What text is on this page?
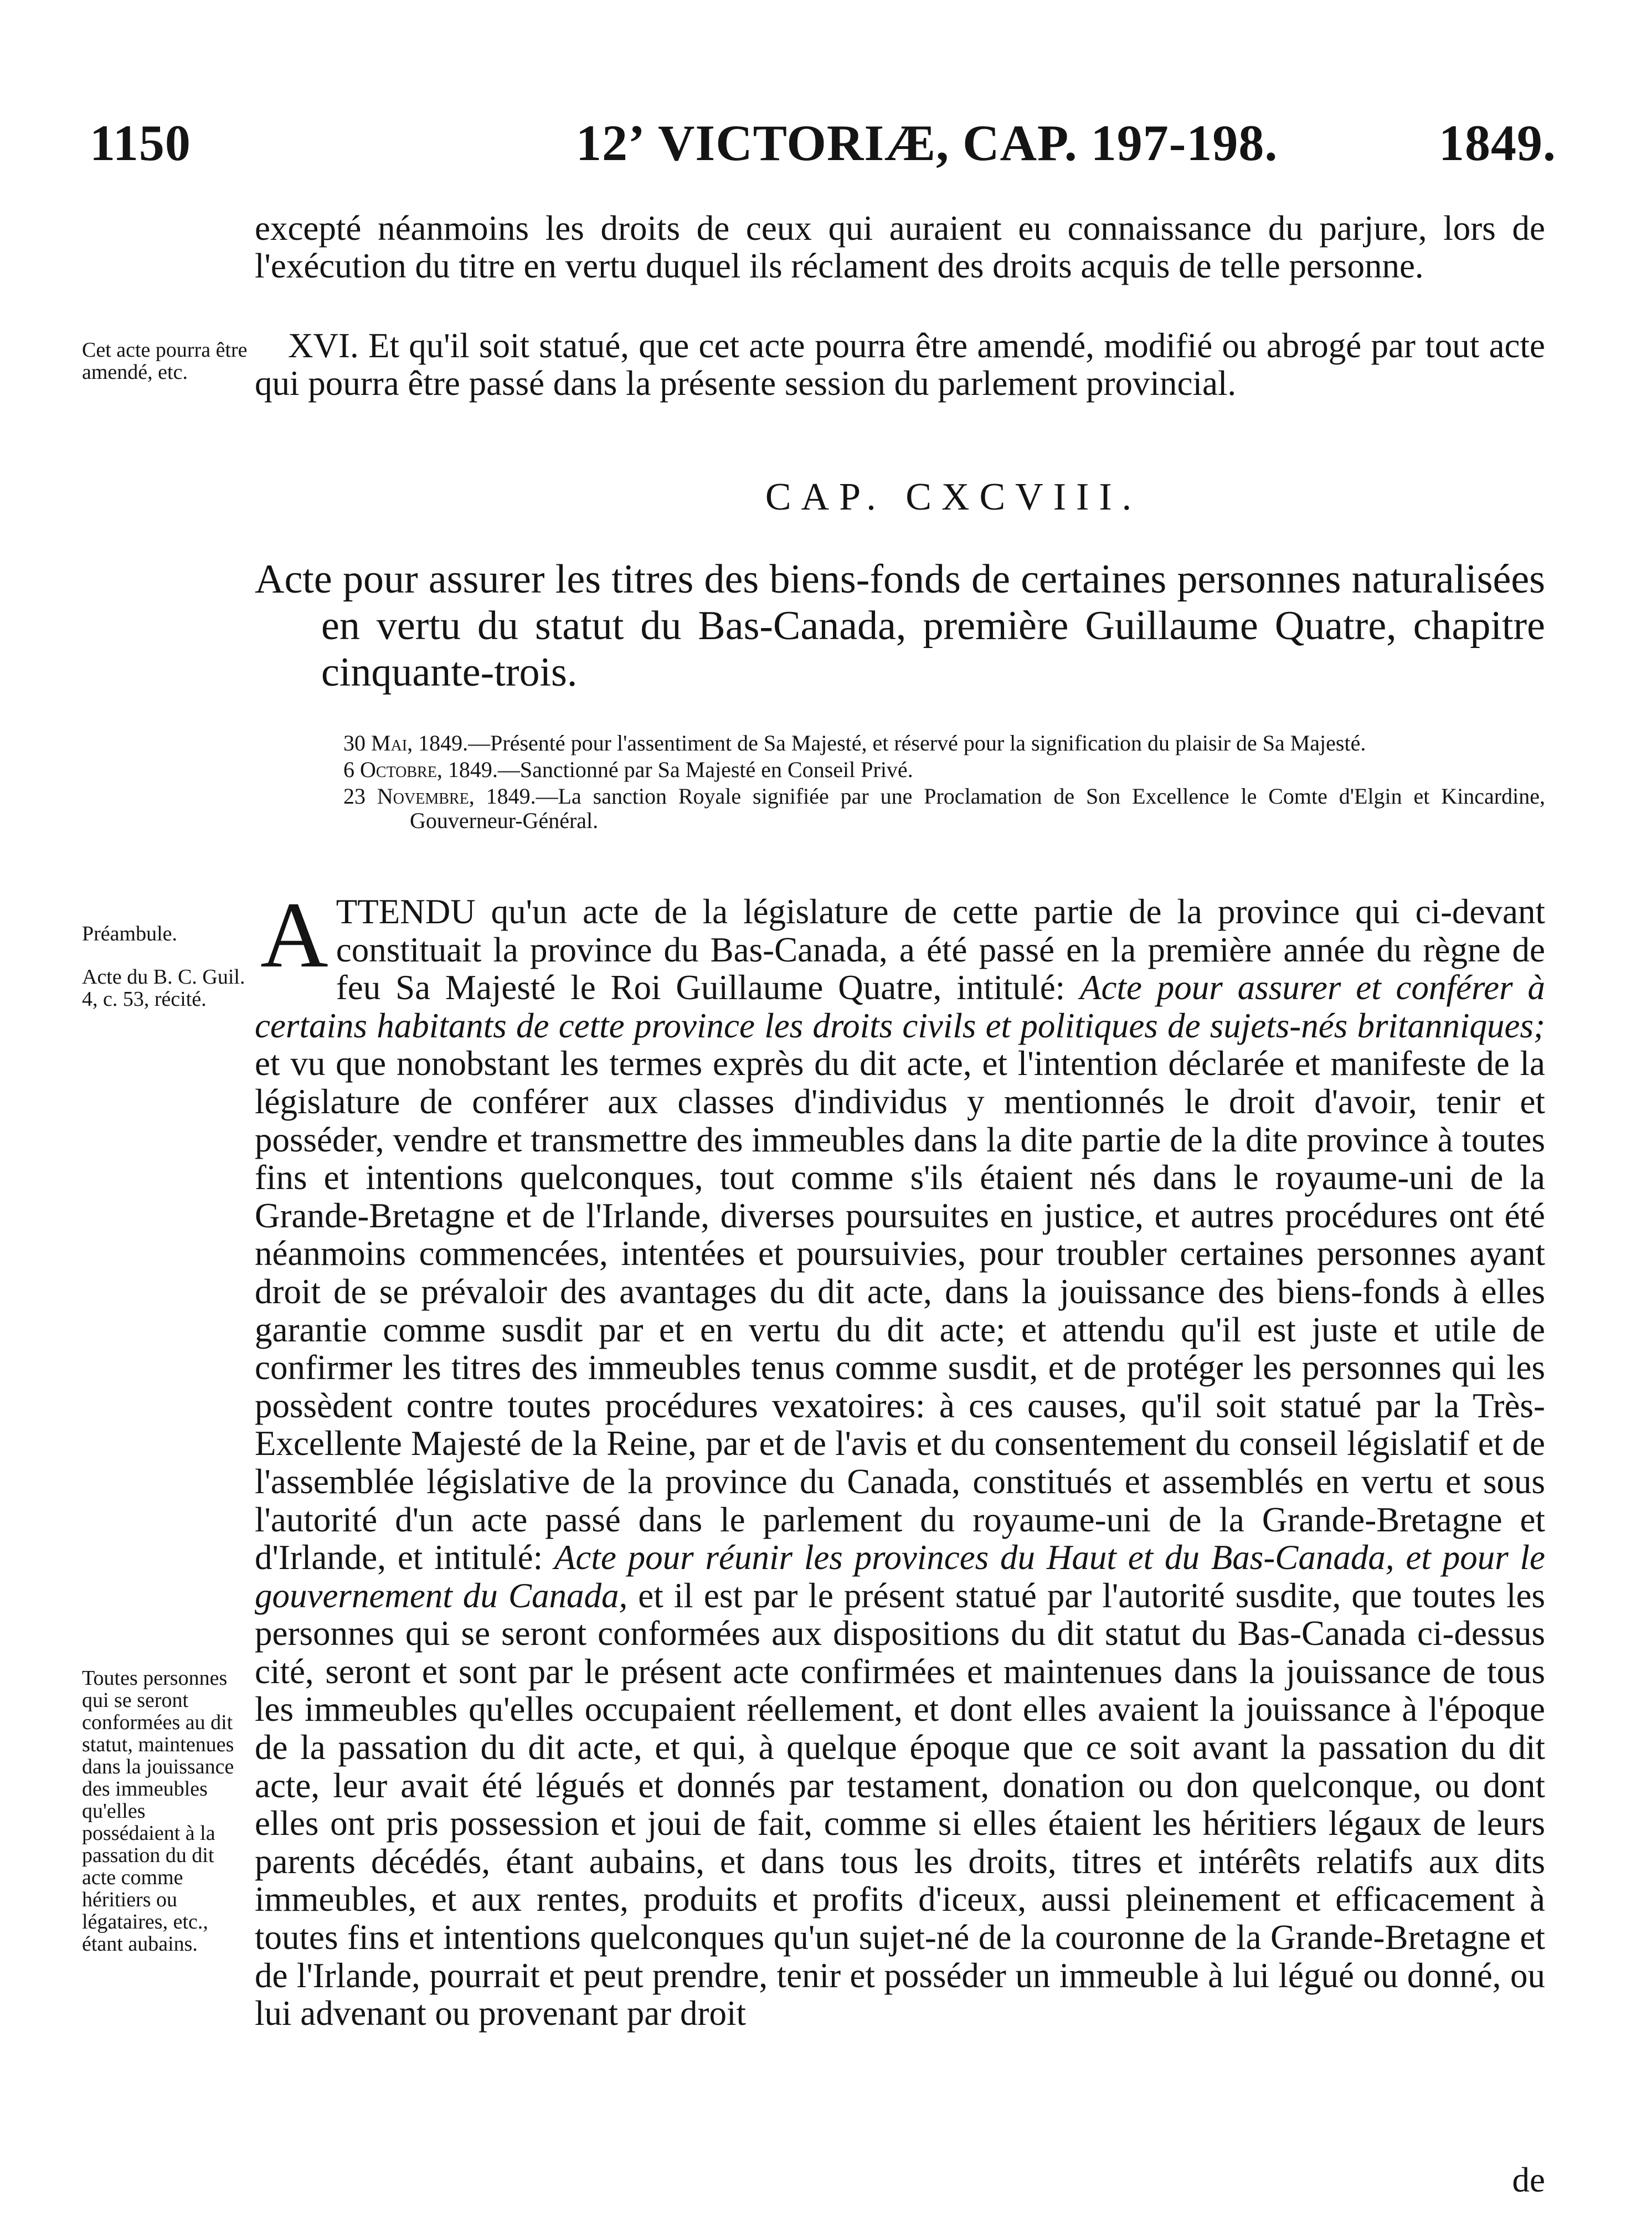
1150	12ʼ VICTORIÆ, CAP. 197-198.	1849.

excepté néanmoins les droits de ceux qui auraient eu connaissance du parjure, lors de l'exécution du titre en vertu duquel ils réclament des droits acquis de telle personne.

Cet acte pourra être amendé, etc.

XVI. Et qu'il soit statué, que cet acte pourra être amendé, modifié ou abrogé par tout acte qui pourra être passé dans la présente session du parlement provincial.

CAP. CXCVIII.
Acte pour assurer les titres des biens-fonds de certaines personnes naturalisées en vertu du statut du Bas-Canada, première Guillaume Quatre, chapitre cinquante-trois.
30 Mai, 1849.—Présenté pour l'assentiment de Sa Majesté, et réservé pour la signification du plaisir de Sa Majesté.
6 Octobre, 1849.—Sanctionné par Sa Majesté en Conseil Privé.
23 Novembre, 1849.—La sanction Royale signifiée par une Proclamation de Son Excellence le Comte d'Elgin et Kincardine, Gouverneur-Général.
Préambule.
Acte du B. C. Guil. 4, c. 53, récité.
Toutes personnes qui se seront conformées au dit statut, maintenues dans la jouissance des immeubles qu'elles possédaient à la passation du dit acte comme héritiers ou légataires, etc., étant aubains.
ATTENDU qu'un acte de la législature de cette partie de la province qui ci-devant constituait la province du Bas-Canada, a été passé en la première année du règne de feu Sa Majesté le Roi Guillaume Quatre, intitulé: Acte pour assurer et conférer à certains habitants de cette province les droits civils et politiques de sujets-nés britanniques; et vu que nonobstant les termes exprès du dit acte, et l'intention déclarée et manifeste de la législature de conférer aux classes d'individus y mentionnés le droit d'avoir, tenir et posséder, vendre et transmettre des immeubles dans la dite partie de la dite province à toutes fins et intentions quelconques, tout comme s'ils étaient nés dans le royaume-uni de la Grande-Bretagne et de l'Irlande, diverses poursuites en justice, et autres procédures ont été néanmoins commencées, intentées et poursuivies, pour troubler certaines personnes ayant droit de se prévaloir des avantages du dit acte, dans la jouissance des biens-fonds à elles garantie comme susdit par et en vertu du dit acte; et attendu qu'il est juste et utile de confirmer les titres des immeubles tenus comme susdit, et de protéger les personnes qui les possèdent contre toutes procédures vexatoires: à ces causes, qu'il soit statué par la Très-Excellente Majesté de la Reine, par et de l'avis et du consentement du conseil législatif et de l'assemblée législative de la province du Canada, constitués et assemblés en vertu et sous l'autorité d'un acte passé dans le parlement du royaume-uni de la Grande-Bretagne et d'Irlande, et intitulé: Acte pour réunir les provinces du Haut et du Bas-Canada, et pour le gouvernement du Canada, et il est par le présent statué par l'autorité susdite, que toutes les personnes qui se seront conformées aux dispositions du dit statut du Bas-Canada ci-dessus cité, seront et sont par le présent acte confirmées et maintenues dans la jouissance de tous les immeubles qu'elles occupaient réellement, et dont elles avaient la jouissance à l'époque de la passation du dit acte, et qui, à quelque époque que ce soit avant la passation du dit acte, leur avait été légués et donnés par testament, donation ou don quelconque, ou dont elles ont pris possession et joui de fait, comme si elles étaient les héritiers légaux de leurs parents décédés, étant aubains, et dans tous les droits, titres et intérêts relatifs aux dits immeubles, et aux rentes, produits et profits d'iceux, aussi pleinement et efficacement à toutes fins et intentions quelconques qu'un sujet-né de la couronne de la Grande-Bretagne et de l'Irlande, pourrait et peut prendre, tenir et posséder un immeuble à lui légué ou donné, ou lui advenant ou provenant par droit
de
